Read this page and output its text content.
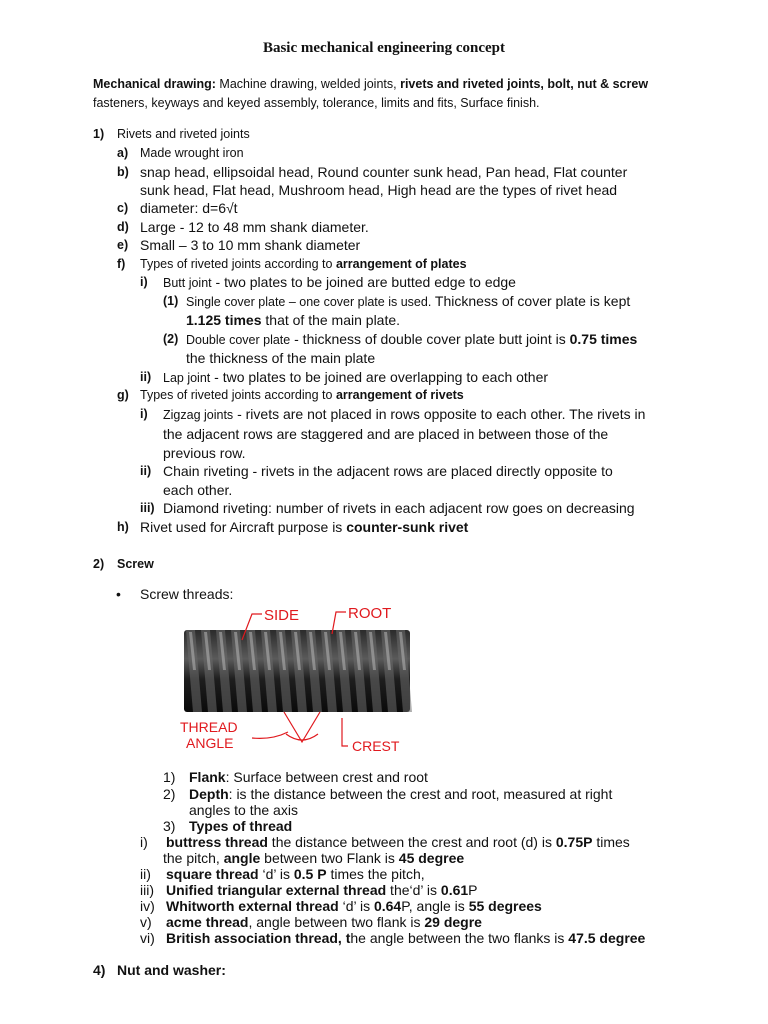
Basic mechanical engineering concept
Mechanical drawing: Machine drawing, welded joints, rivets and riveted joints, bolt, nut & screw
fasteners, keyways and keyed assembly, tolerance, limits and fits, Surface finish.
1) Rivets and riveted joints
a) Made wrought iron
b) snap head, ellipsoidal head, Round counter sunk head, Pan head, Flat counter
sunk head, Flat head, Mushroom head, High head are the types of rivet head
c) diameter: d=6√t
d) Large - 12 to 48 mm shank diameter.
e) Small – 3 to 10 mm shank diameter
f) Types of riveted joints according to arrangement of plates
i) Butt joint - two plates to be joined are butted edge to edge
(1) Single cover plate – one cover plate is used. Thickness of cover plate is kept
1.125 times that of the main plate.
(2) Double cover plate - thickness of double cover plate butt joint is 0.75 times
the thickness of the main plate
ii) Lap joint - two plates to be joined are overlapping to each other
g) Types of riveted joints according to arrangement of rivets
i) Zigzag joints - rivets are not placed in rows opposite to each other. The rivets in
the adjacent rows are staggered and are placed in between those of the
previous row.
ii) Chain riveting - rivets in the adjacent rows are placed directly opposite to
each other.
iii) Diamond riveting: number of rivets in each adjacent row goes on decreasing
h) Rivet used for Aircraft purpose is counter-sunk rivet
2) Screw
• Screw threads:
SIDE	ROOT
THREAD
ANGLE	CREST
1) Flank: Surface between crest and root
2) Depth: is the distance between the crest and root, measured at right
angles to the axis
3) Types of thread
i) buttress thread the distance between the crest and root (d) is 0.75P times
the pitch, angle between two Flank is 45 degree
ii) square thread ‘d’ is 0.5 P times the pitch,
iii) Unified triangular external thread the‘d’ is 0.61P
iv) Whitworth external thread ‘d’ is 0.64P, angle is 55 degrees
v) acme thread, angle between two flank is 29 degre
vi) British association thread, the angle between the two flanks is 47.5 degree
4) Nut and washer:
